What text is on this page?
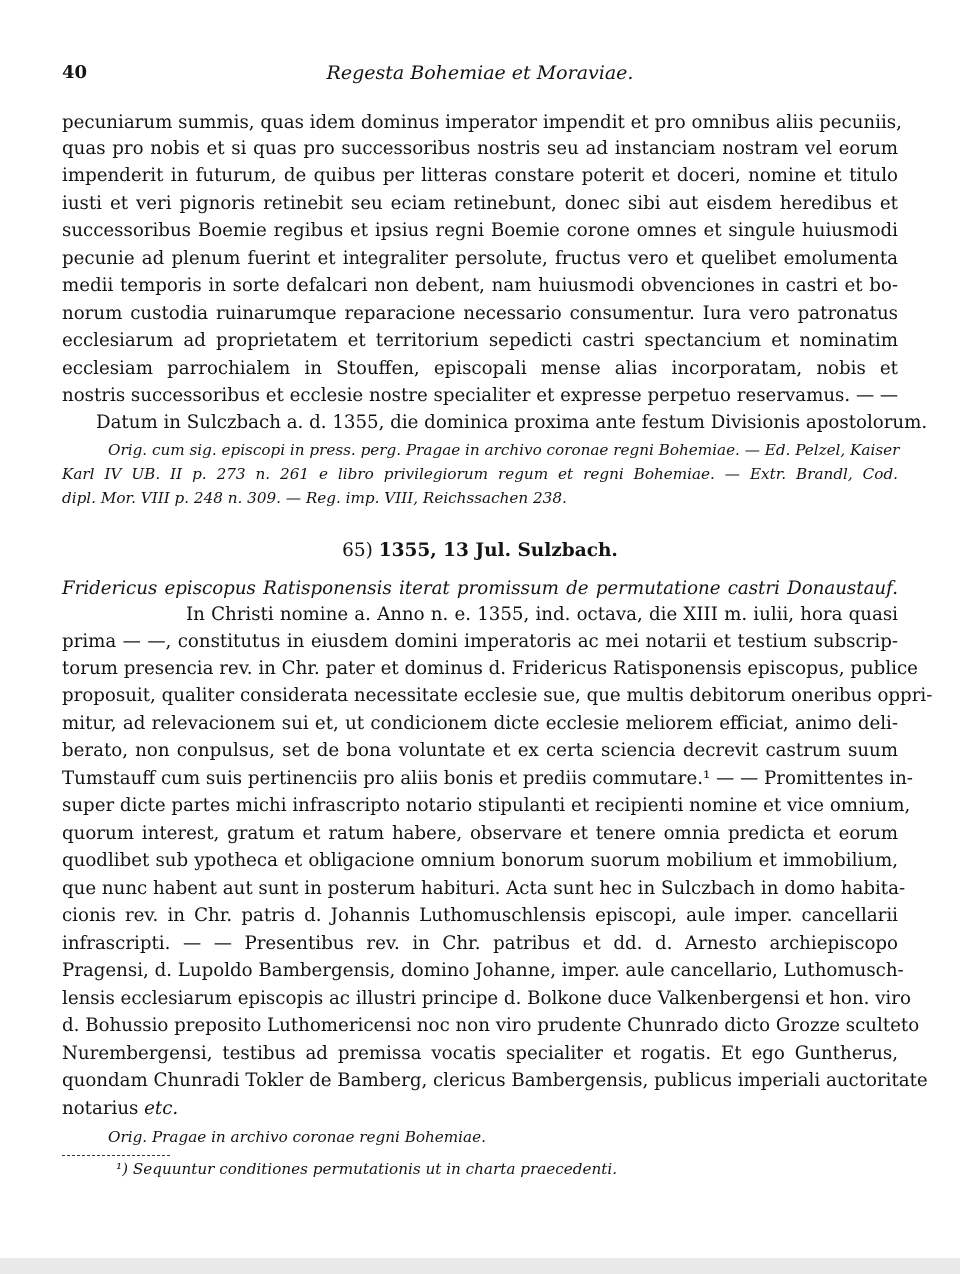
40	Regesta Bohemiae et Moraviae.
pecuniarum summis, quas idem dominus imperator impendit et pro omnibus aliis pecuniis,
quas pro nobis et si quas pro successoribus nostris seu ad instanciam nostram vel eorum
impenderit in futurum, de quibus per litteras constare poterit et doceri, nomine et titulo
iusti et veri pignoris retinebit seu eciam retinebunt, donec sibi aut eisdem heredibus et
successoribus Boemie regibus et ipsius regni Boemie corone omnes et singule huiusmodi
pecunie ad plenum fuerint et integraliter persolute, fructus vero et quelibet emolumenta
medii temporis in sorte defalcari non debent, nam huiusmodi obvenciones in castri et bo-
norum custodia ruinarumque reparacione necessario consumentur. Iura vero patronatus
ecclesiarum ad proprietatem et territorium sepedicti castri spectancium et nominatim
ecclesiam parrochialem in Stouffen, episcopali mense alias incorporatam, nobis et
nostris successoribus et ecclesie nostre specialiter et expresse perpetuo reservamus. — —
Datum in Sulczbach a. d. 1355, die dominica proxima ante festum Divisionis apostolorum.
Orig. cum sig. episcopi in press. perg. Pragae in archivo coronae regni Bohemiae. — Ed. Pelzel, Kaiser
Karl IV UB. II p. 273 n. 261 e libro privilegiorum regum et regni Bohemiae. — Extr. Brandl, Cod.
dipl. Mor. VIII p. 248 n. 309. — Reg. imp. VIII, Reichssachen 238.
65) 1355, 13 Jul. Sulzbach.
Fridericus episcopus Ratisponensis iterat promissum de permutatione castri Donaustauf.
In Christi nomine a. Anno n. e. 1355, ind. octava, die XIII m. iulii, hora quasi
prima — —, constitutus in eiusdem domini imperatoris ac mei notarii et testium subscrip-
torum presencia rev. in Chr. pater et dominus d. Fridericus Ratisponensis episcopus, publice
proposuit, qualiter considerata necessitate ecclesie sue, que multis debitorum oneribus oppri-
mitur, ad relevacionem sui et, ut condicionem dicte ecclesie meliorem efficiat, animo deli-
berato, non conpulsus, set de bona voluntate et ex certa sciencia decrevit castrum suum
Tumstauff cum suis pertinenciis pro aliis bonis et prediis commutare.¹ — — Promittentes in-
super dicte partes michi infrascripto notario stipulanti et recipienti nomine et vice omnium,
quorum interest, gratum et ratum habere, observare et tenere omnia predicta et eorum
quodlibet sub ypotheca et obligacione omnium bonorum suorum mobilium et immobilium,
que nunc habent aut sunt in posterum habituri. Acta sunt hec in Sulczbach in domo habita-
cionis rev. in Chr. patris d. Johannis Luthomuschlensis episcopi, aule imper. cancellarii
infrascripti. — — Presentibus rev. in Chr. patribus et dd. d. Arnesto archiepiscopo
Pragensi, d. Lupoldo Bambergensis, domino Johanne, imper. aule cancellario, Luthomusch-
lensis ecclesiarum episcopis ac illustri principe d. Bolkone duce Valkenbergensi et hon. viro
d. Bohussio preposito Luthomericensi noc non viro prudente Chunrado dicto Grozze sculteto
Nurembergensi, testibus ad premissa vocatis specialiter et rogatis. Et ego Guntherus,
quondam Chunradi Tokler de Bamberg, clericus Bambergensis, publicus imperiali auctoritate
notarius etc.
Orig. Pragae in archivo coronae regni Bohemiae.
¹) Sequuntur conditiones permutationis ut in charta praecedenti.
